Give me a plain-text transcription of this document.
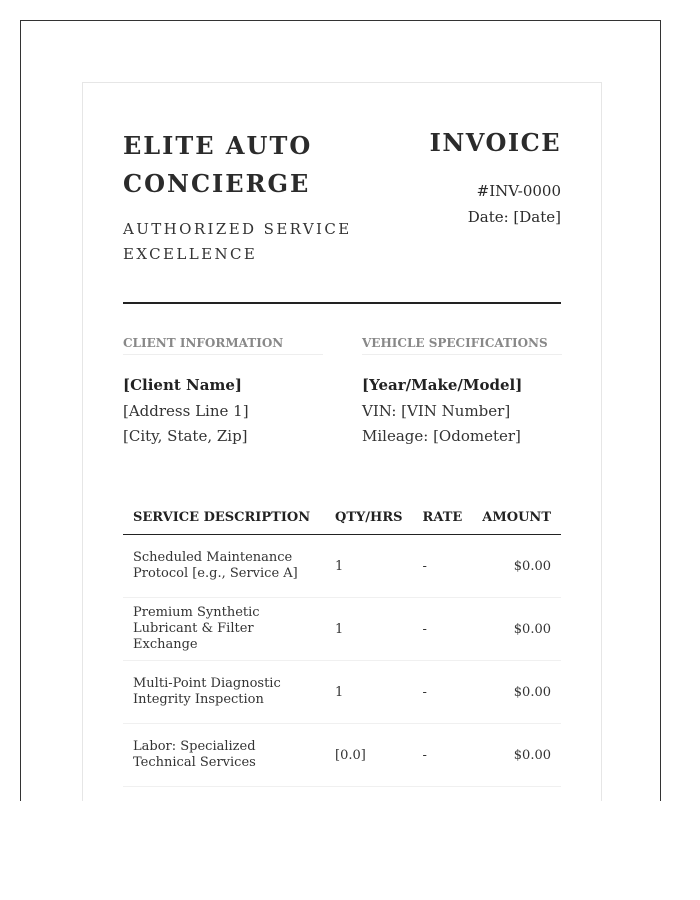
ELITE AUTO
CONCIERGE
AUTHORIZED SERVICE
EXCELLENCE
INVOICE
#INV-0000
Date: [Date]
CLIENT INFORMATION
[Client Name]
[Address Line 1]
[City, State, Zip]
VEHICLE SPECIFICATIONS
[Year/Make/Model]
VIN: [VIN Number]
Mileage: [Odometer]
SERVICE DESCRIPTION	QTY/HRS	RATE	AMOUNT
Scheduled Maintenance Protocol [e.g., Service A]	1	-	$0.00
Premium Synthetic Lubricant & Filter Exchange	1	-	$0.00
Multi-Point Diagnostic Integrity Inspection	1	-	$0.00
Labor: Specialized Technical Services	[0.0]	-	$0.00
